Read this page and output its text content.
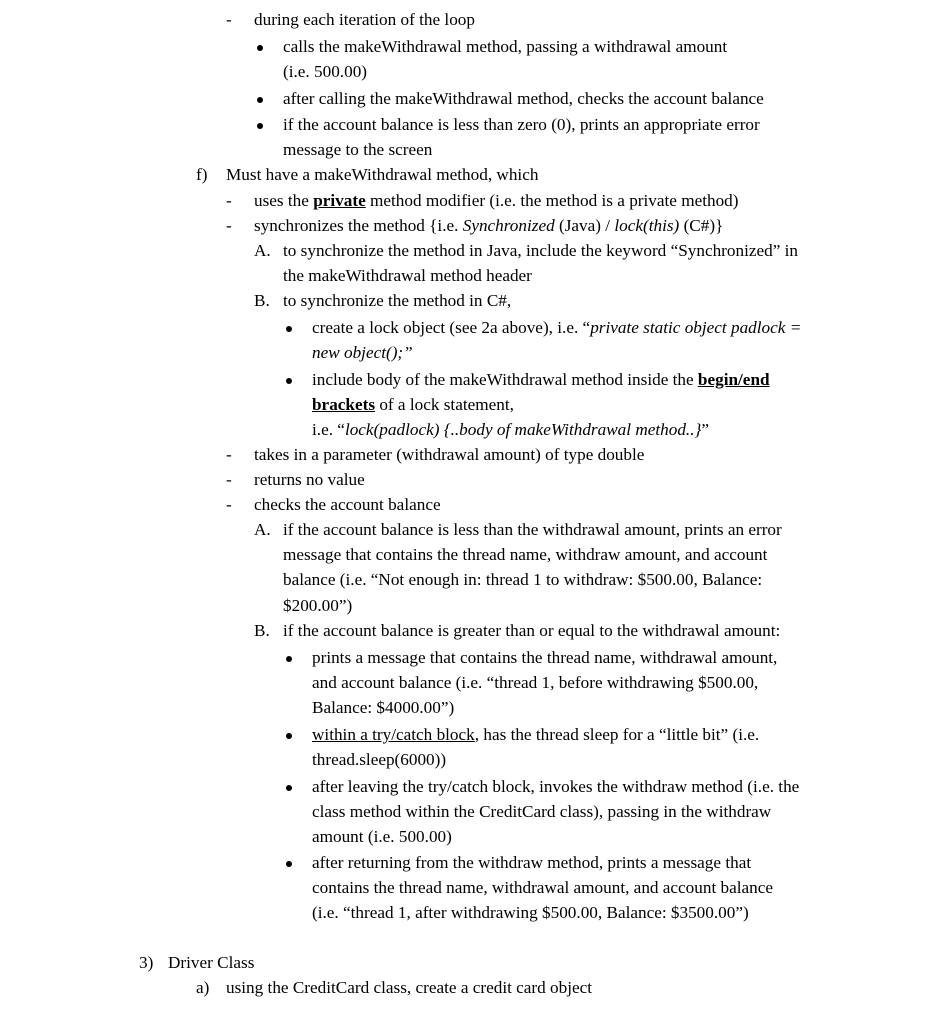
- during each iteration of the loop
calls the makeWithdrawal method, passing a withdrawal amount
(i.e. 500.00)
after calling the makeWithdrawal method, checks the account balance
if the account balance is less than zero (0), prints an appropriate error
message to the screen
f) Must have a makeWithdrawal method, which
- uses the private method modifier (i.e. the method is a private method)
- synchronizes the method {i.e. Synchronized (Java) / lock(this) (C#)}
A. to synchronize the method in Java, include the keyword “Synchronized” in
the makeWithdrawal method header
B. to synchronize the method in C#,
create a lock object (see 2a above), i.e. “private static object padlock =
new object();”
include body of the makeWithdrawal method inside the begin/end
brackets of a lock statement,
i.e. “lock(padlock) {..body of makeWithdrawal method..}”
- takes in a parameter (withdrawal amount) of type double
- returns no value
- checks the account balance
A. if the account balance is less than the withdrawal amount, prints an error
message that contains the thread name, withdraw amount, and account
balance (i.e. “Not enough in: thread 1 to withdraw: $500.00, Balance:
$200.00”)
B. if the account balance is greater than or equal to the withdrawal amount:
prints a message that contains the thread name, withdrawal amount,
and account balance (i.e. “thread 1, before withdrawing $500.00,
Balance: $4000.00”)
within a try/catch block, has the thread sleep for a “little bit” (i.e.
thread.sleep(6000))
after leaving the try/catch block, invokes the withdraw method (i.e. the
class method within the CreditCard class), passing in the withdraw
amount (i.e. 500.00)
after returning from the withdraw method, prints a message that
contains the thread name, withdrawal amount, and account balance
(i.e. “thread 1, after withdrawing $500.00, Balance: $3500.00”)
3) Driver Class
a) using the CreditCard class, create a credit card object
